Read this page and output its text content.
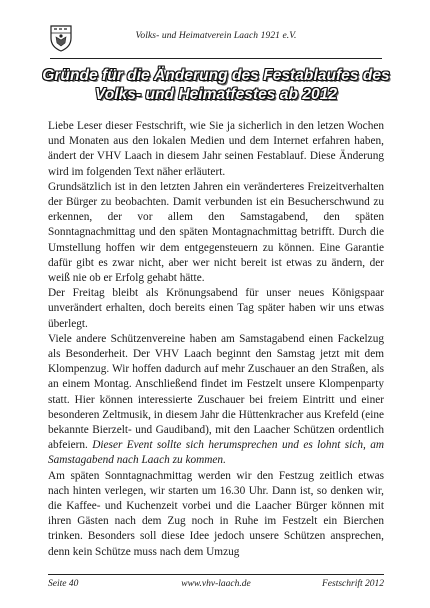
Volks- und Heimatverein Laach 1921 e.V.
Gründe für die Änderung des Festablaufes des
Volks- und Heimatfestes ab 2012

Liebe Leser dieser Festschrift, wie Sie ja sicherlich in den letzen Wochen und Monaten aus den lokalen Medien und dem Internet erfahren haben, ändert der VHV Laach in diesem Jahr seinen Festablauf. Diese Änderung wird im folgenden Text näher erläutert.

Grundsätzlich ist in den letzten Jahren ein veränderteres Freizeitverhalten der Bürger zu beobachten. Damit verbunden ist ein Besucherschwund zu erkennen, der vor allem den Samstagabend, den späten Sonntagnachmittag und den späten Montagnachmittag betrifft. Durch die Umstellung hoffen wir dem entgegensteuern zu können. Eine Garantie dafür gibt es zwar nicht, aber wer nicht bereit ist etwas zu ändern, der weiß nie ob er Erfolg gehabt hätte.

Der Freitag bleibt als Krönungsabend für unser neues Königspaar unverändert erhalten, doch bereits einen Tag später haben wir uns etwas überlegt.

Viele andere Schützenvereine haben am Samstagabend einen Fackelzug als Besonderheit. Der VHV Laach beginnt den Samstag jetzt mit dem Klompenzug. Wir hoffen dadurch auf mehr Zuschauer an den Straßen, als an einem Montag. Anschließend findet im Festzelt unsere Klompenparty statt. Hier können interessierte Zuschauer bei freiem Eintritt und einer besonderen Zeltmusik, in diesem Jahr die Hüttenkracher aus Krefeld (eine bekannte Bierzelt- und Gaudiband), mit den Laacher Schützen ordentlich abfeiern. Dieser Event sollte sich herumsprechen und es lohnt sich, am Samstagabend nach Laach zu kommen.

Am späten Sonntagnachmittag werden wir den Festzug zeitlich etwas nach hinten verlegen, wir starten um 16.30 Uhr. Dann ist, so denken wir, die Kaffee- und Kuchenzeit vorbei und die Laacher Bürger können mit ihren Gästen nach dem Zug noch in Ruhe im Festzelt ein Bierchen trinken. Besonders soll diese Idee jedoch unsere Schützen ansprechen, denn kein Schütze muss nach dem Umzug

Seite 40	www.vhv-laach.de	Festschrift 2012
